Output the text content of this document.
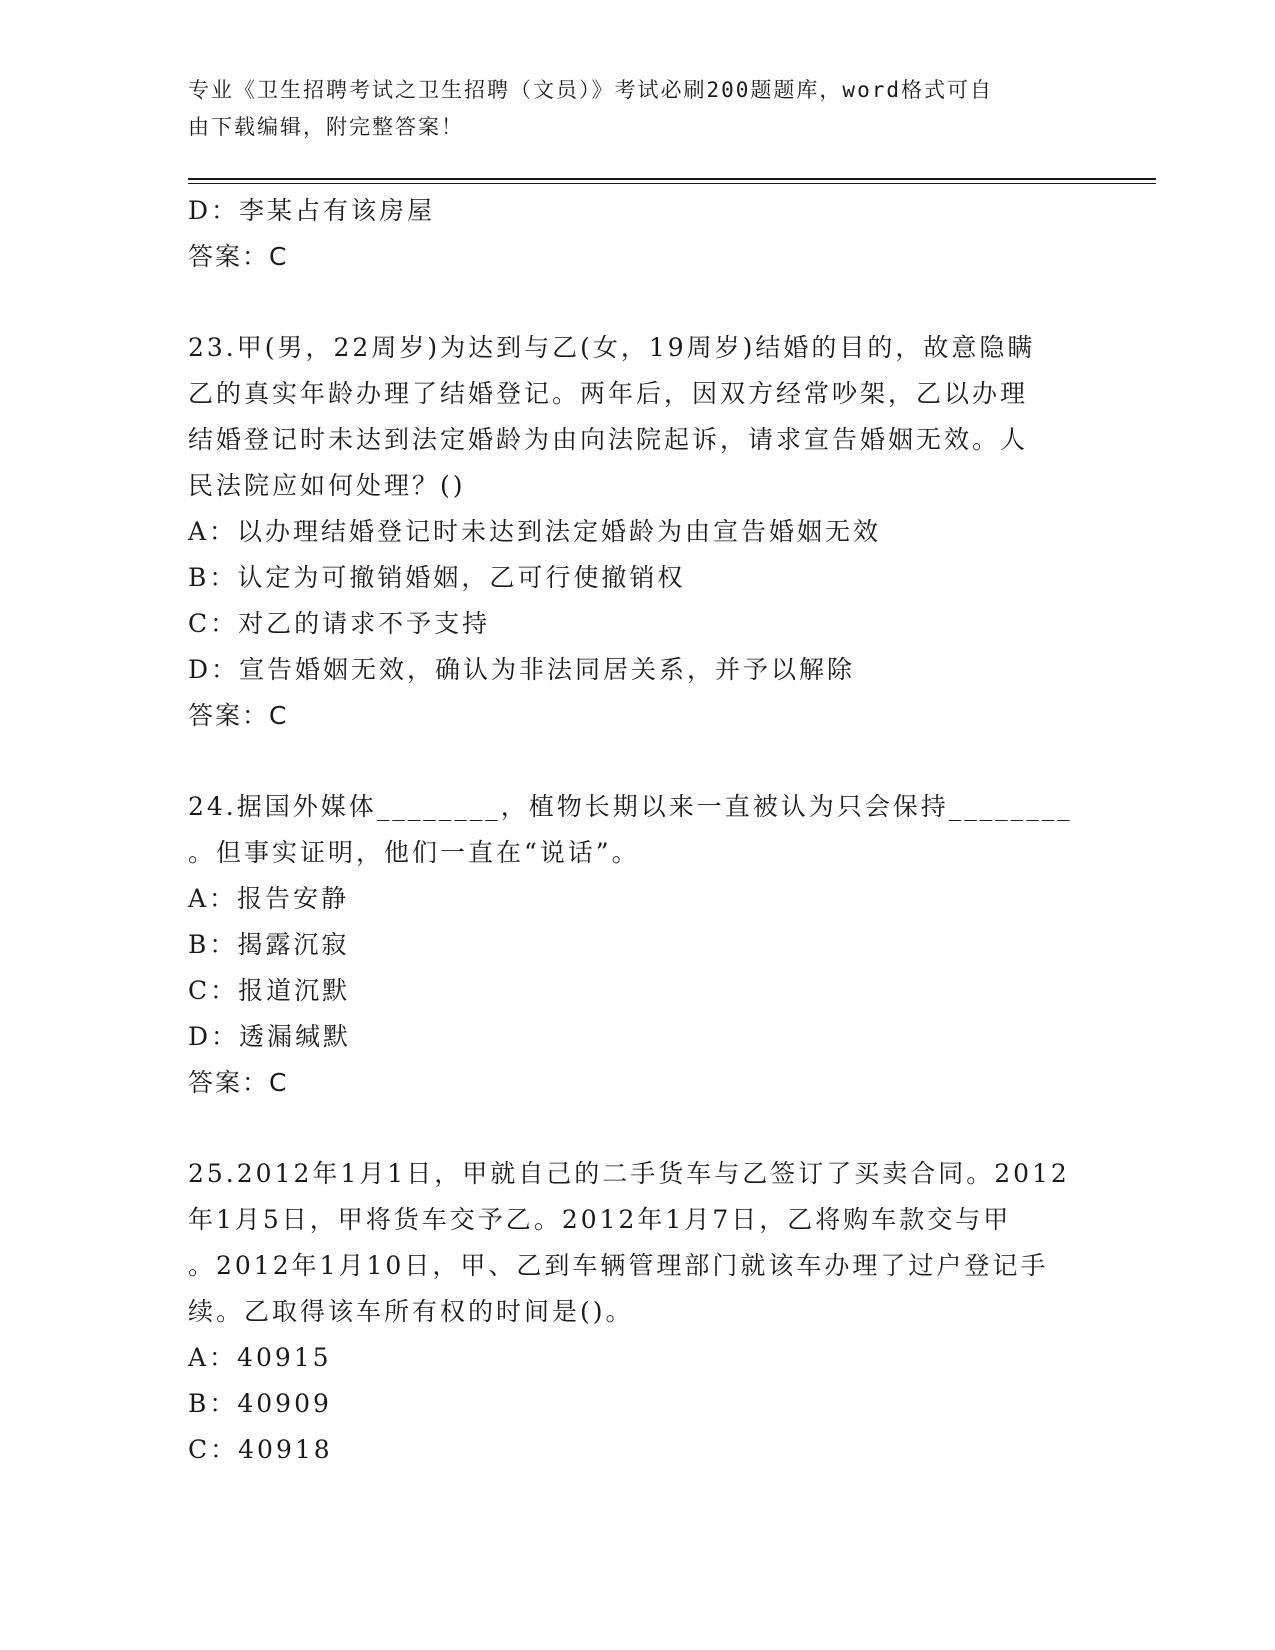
专业《卫生招聘考试之卫生招聘（文员）》考试必刷200题题库，word格式可自
由下载编辑，附完整答案！
D：李某占有该房屋
答案：C
23.甲(男，22周岁)为达到与乙(女，19周岁)结婚的目的，故意隐瞒
乙的真实年龄办理了结婚登记。两年后，因双方经常吵架，乙以办理
结婚登记时未达到法定婚龄为由向法院起诉，请求宣告婚姻无效。人
民法院应如何处理？()
A：以办理结婚登记时未达到法定婚龄为由宣告婚姻无效
B：认定为可撤销婚姻，乙可行使撤销权
C：对乙的请求不予支持
D：宣告婚姻无效，确认为非法同居关系，并予以解除
答案：C
24.据国外媒体________，植物长期以来一直被认为只会保持________
。但事实证明，他们一直在“说话”。
A：报告安静
B：揭露沉寂
C：报道沉默
D：透漏缄默
答案：C
25.2012年1月1日，甲就自己的二手货车与乙签订了买卖合同。2012
年1月5日，甲将货车交予乙。2012年1月7日，乙将购车款交与甲
。2012年1月10日，甲、乙到车辆管理部门就该车办理了过户登记手
续。乙取得该车所有权的时间是()。
A：40915
B：40909
C：40918
